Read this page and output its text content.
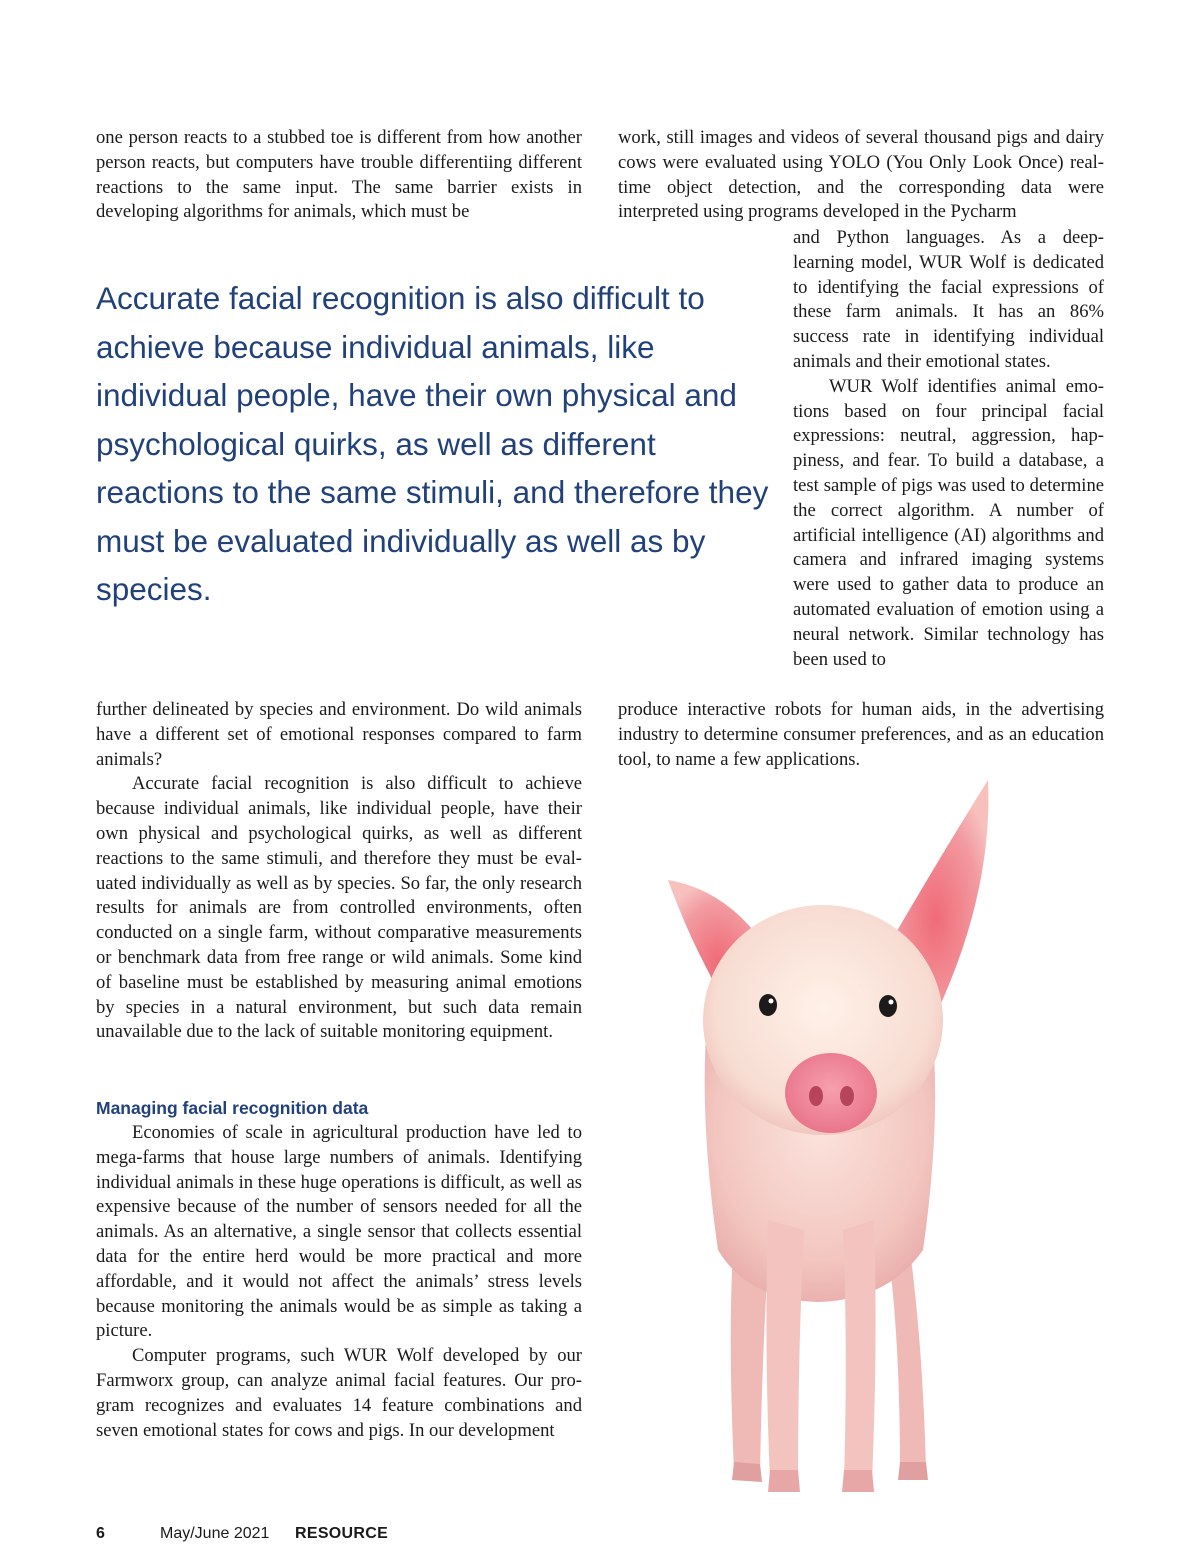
one person reacts to a stubbed toe is different from how another person reacts, but computers have trouble differentiing different reactions to the same input. The same barrier exists in developing algorithms for animals, which must be

work, still images and videos of several thousand pigs and dairy cows were evaluated using YOLO (You Only Look Once) real-time object detection, and the corresponding data were interpreted using programs developed in the Pycharm

and Python languages. As a deep-learning model, WUR Wolf is dedicated to identifying the facial expressions of these farm animals. It has an 86% success rate in identifying individual animals and their emotional states.

WUR Wolf identifies animal emotions based on four principal facial expressions: neutral, aggression, happiness, and fear. To build a database, a test sample of pigs was used to determine the correct algorithm. A number of artificial intelligence (AI) algorithms and camera and infrared imaging systems were used to gather data to produce an automated evaluation of emotion using a neural network. Similar technology has been used to

Accurate facial recognition is also difficult to achieve because individual animals, like individual people, have their own physical and psychological quirks, as well as different reactions to the same stimuli, and therefore they must be evaluated individually as well as by species.

produce interactive robots for human aids, in the advertising industry to determine consumer preferences, and as an education tool, to name a few applications.

further delineated by species and environment. Do wild animals have a different set of emotional responses compared to farm animals?

Accurate facial recognition is also difficult to achieve because individual animals, like individual people, have their own physical and psychological quirks, as well as different reactions to the same stimuli, and therefore they must be evaluated individually as well as by species. So far, the only research results for animals are from controlled environments, often conducted on a single farm, without comparative measurements or benchmark data from free range or wild animals. Some kind of baseline must be established by measuring animal emotions by species in a natural environment, but such data remain unavailable due to the lack of suitable monitoring equipment.

Managing facial recognition data

Economies of scale in agricultural production have led to mega-farms that house large numbers of animals. Identifying individual animals in these huge operations is difficult, as well as expensive because of the number of sensors needed for all the animals. As an alternative, a single sensor that collects essential data for the entire herd would be more practical and more affordable, and it would not affect the animals’ stress levels because monitoring the animals would be as simple as taking a picture.

Computer programs, such WUR Wolf developed by our Farmworx group, can analyze animal facial features. Our program recognizes and evaluates 14 feature combinations and seven emotional states for cows and pigs. In our development

6	May/June 2021 RESOURCE
